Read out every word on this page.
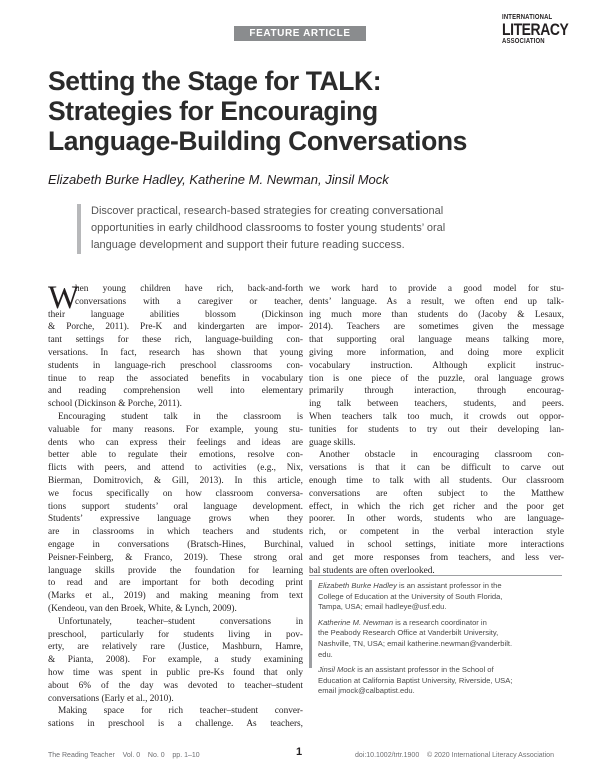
FEATURE ARTICLE
INTERNATIONAL
LITERACY
ASSOCIATION
Setting the Stage for TALK:
Strategies for Encouraging
Language-Building Conversations
Elizabeth Burke Hadley, Katherine M. Newman, Jinsil Mock
Discover practical, research-based strategies for creating conversational
opportunities in early childhood classrooms to foster young students’ oral
language development and support their future reading success.
W
hen young children have rich, back-and-forth
conversations with a caregiver or teacher,
their language abilities blossom (Dickinson
& Porche, 2011). Pre-K and kindergarten are impor-
tant settings for these rich, language-building con-
versations. In fact, research has shown that young
students in language-rich preschool classrooms con-
tinue to reap the associated benefits in vocabulary
and reading comprehension well into elementary
school (Dickinson & Porche, 2011).
Encouraging student talk in the classroom is
valuable for many reasons. For example, young stu-
dents who can express their feelings and ideas are
better able to regulate their emotions, resolve con-
flicts with peers, and attend to activities (e.g., Nix,
Bierman, Domitrovich, & Gill, 2013). In this article,
we focus specifically on how classroom conversa-
tions support students’ oral language development.
Students’ expressive language grows when they
are in classrooms in which teachers and students
engage in conversations (Bratsch-Hines, Burchinal,
Peisner-Feinberg, & Franco, 2019). These strong oral
language skills provide the foundation for learning
to read and are important for both decoding print
(Marks et al., 2019) and making meaning from text
(Kendeou, van den Broek, White, & Lynch, 2009).
Unfortunately, teacher–student conversations in
preschool, particularly for students living in pov-
erty, are relatively rare (Justice, Mashburn, Hamre,
& Pianta, 2008). For example, a study examining
how time was spent in public pre-Ks found that only
about 6% of the day was devoted to teacher–student
conversations (Early et al., 2010).
Making space for rich teacher–student conver-
sations in preschool is a challenge. As teachers,
we work hard to provide a good model for stu-
dents’ language. As a result, we often end up talk-
ing much more than students do (Jacoby & Lesaux,
2014). Teachers are sometimes given the message
that supporting oral language means talking more,
giving more information, and doing more explicit
vocabulary instruction. Although explicit instruc-
tion is one piece of the puzzle, oral language grows
primarily through interaction, through encourag-
ing talk between teachers, students, and peers.
When teachers talk too much, it crowds out oppor-
tunities for students to try out their developing lan-
guage skills.
Another obstacle in encouraging classroom con-
versations is that it can be difficult to carve out
enough time to talk with all students. Our classroom
conversations are often subject to the Matthew
effect, in which the rich get richer and the poor get
poorer. In other words, students who are language-
rich, or competent in the verbal interaction style
valued in school settings, initiate more interactions
and get more responses from teachers, and less ver-
bal students are often overlooked.
Elizabeth Burke Hadley is an assistant professor in the
College of Education at the University of South Florida,
Tampa, USA; email hadleye@usf.edu.
Katherine M. Newman is a research coordinator in
the Peabody Research Office at Vanderbilt University,
Nashville, TN, USA; email katherine.newman@vanderbilt.
edu.
Jinsil Mock is an assistant professor in the School of
Education at California Baptist University, Riverside, USA;
email jmock@calbaptist.edu.
The Reading Teacher Vol. 0 No. 0 pp. 1–10	1	doi:10.1002/trtr.1900 © 2020 International Literacy Association
